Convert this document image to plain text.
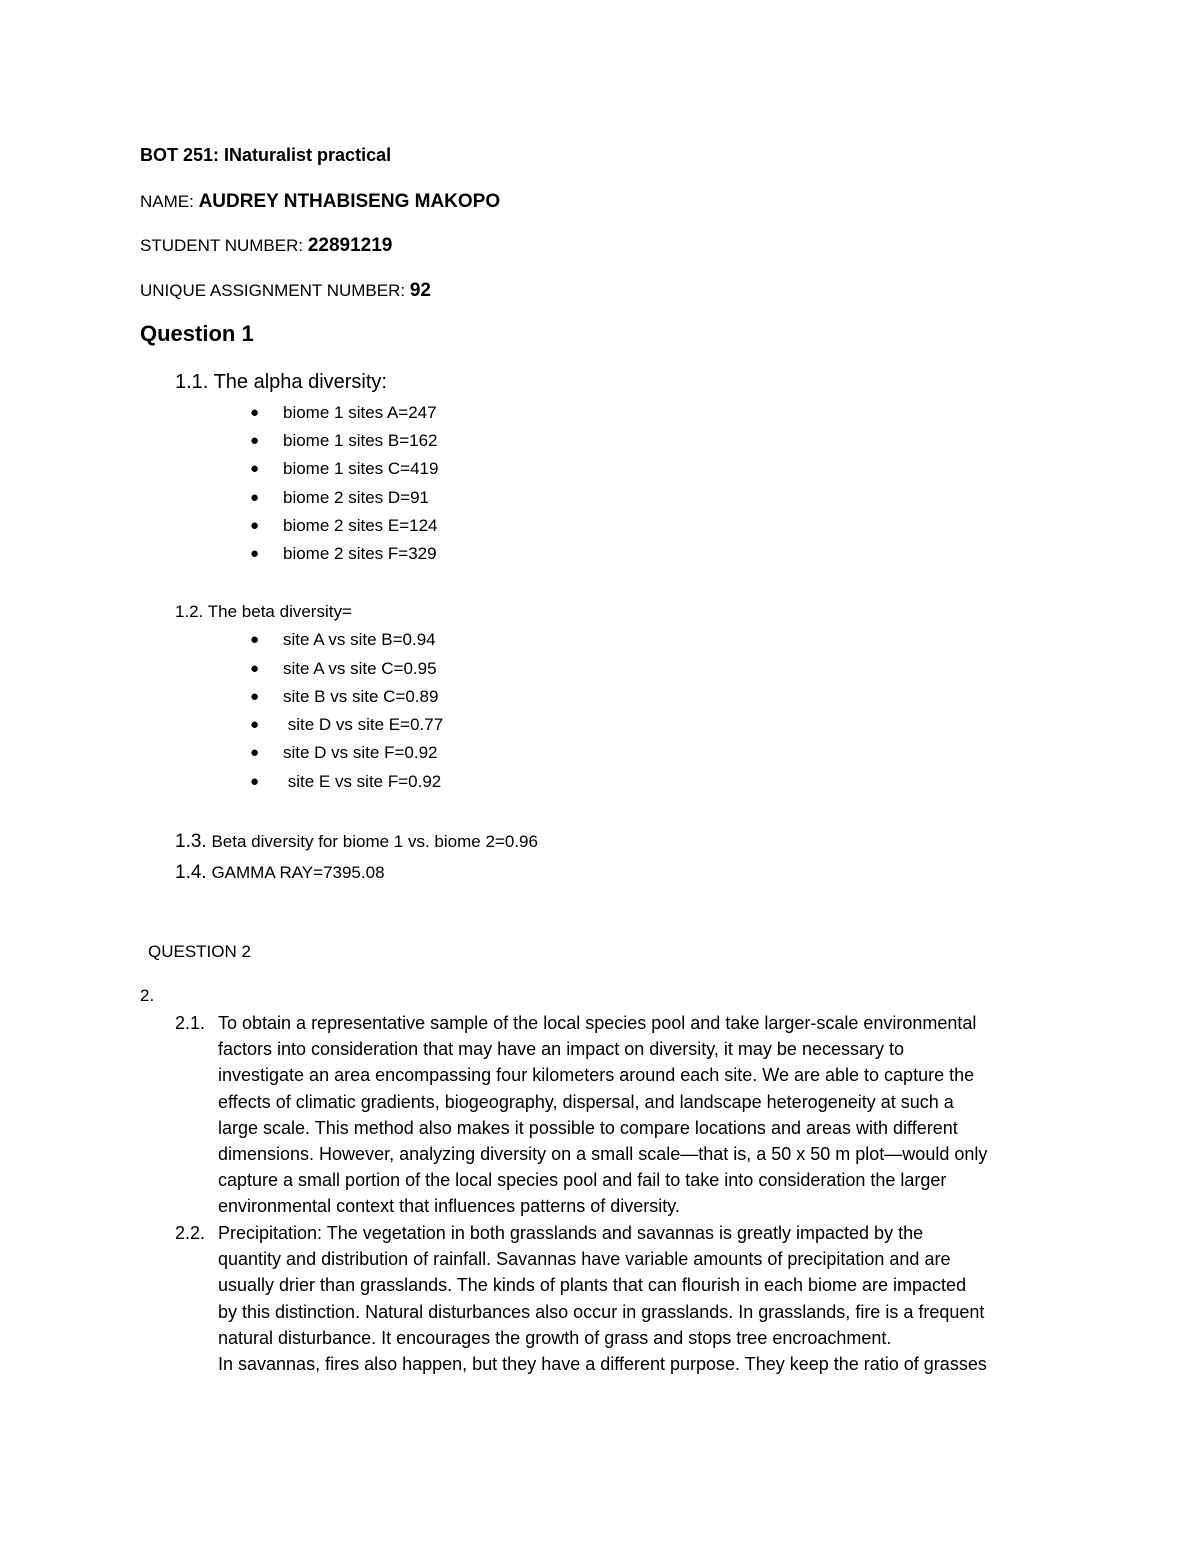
BOT 251: INaturalist practical
NAME: AUDREY NTHABISENG MAKOPO
STUDENT NUMBER: 22891219
UNIQUE ASSIGNMENT NUMBER: 92
Question 1
1.1. The alpha diversity:
● biome 1 sites A=247
● biome 1 sites B=162
● biome 1 sites C=419
● biome 2 sites D=91
● biome 2 sites E=124
● biome 2 sites F=329
1.2. The beta diversity=
● site A vs site B=0.94
● site A vs site C=0.95
● site B vs site C=0.89
● site D vs site E=0.77
● site D vs site F=0.92
● site E vs site F=0.92
1.3. Beta diversity for biome 1 vs. biome 2=0.96
1.4. GAMMA RAY=7395.08
QUESTION 2
2.
2.1. To obtain a representative sample of the local species pool and take larger-scale environmental

factors into consideration that may have an impact on diversity, it may be necessary to

investigate an area encompassing four kilometers around each site. We are able to capture the

effects of climatic gradients, biogeography, dispersal, and landscape heterogeneity at such a

large scale. This method also makes it possible to compare locations and areas with different

dimensions. However, analyzing diversity on a small scale—that is, a 50 x 50 m plot—would only

capture a small portion of the local species pool and fail to take into consideration the larger

environmental context that influences patterns of diversity.

2.2. Precipitation: The vegetation in both grasslands and savannas is greatly impacted by the

quantity and distribution of rainfall. Savannas have variable amounts of precipitation and are

usually drier than grasslands. The kinds of plants that can flourish in each biome are impacted

by this distinction. Natural disturbances also occur in grasslands. In grasslands, fire is a frequent

natural disturbance. It encourages the growth of grass and stops tree encroachment.

In savannas, fires also happen, but they have a different purpose. They keep the ratio of grasses
